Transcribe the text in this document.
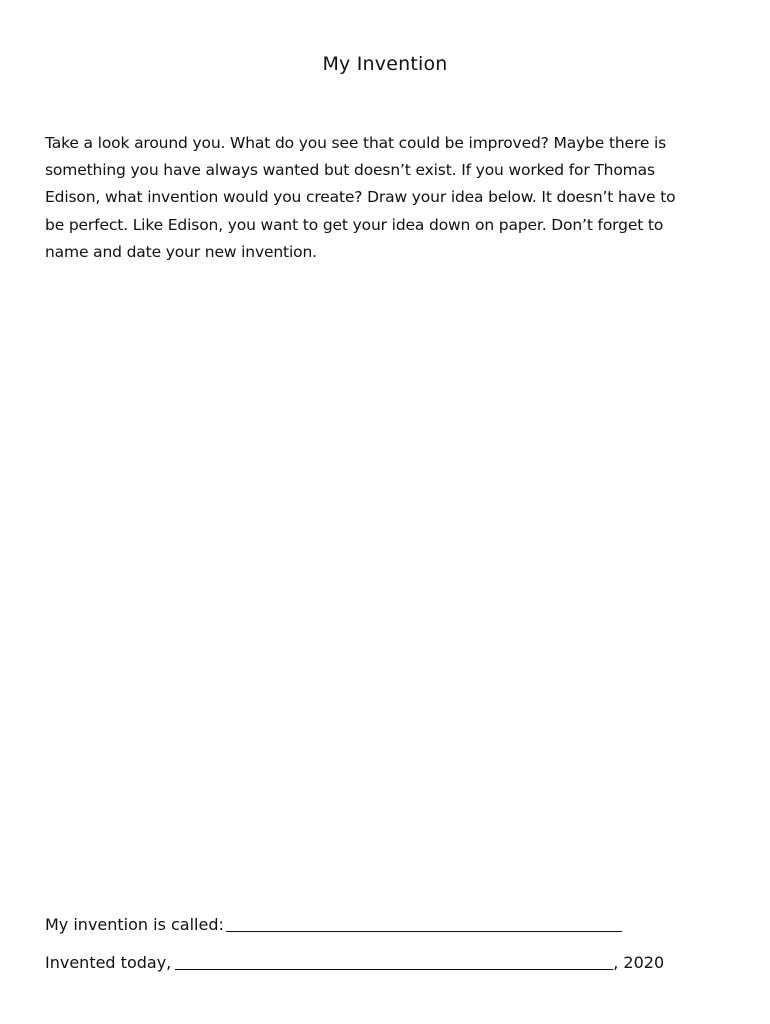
My Invention

Take a look around you. What do you see that could be improved? Maybe there is
something you have always wanted but doesn’t exist. If you worked for Thomas
Edison, what invention would you create? Draw your idea below. It doesn’t have to
be perfect. Like Edison, you want to get your idea down on paper. Don’t forget to
name and date your new invention.

My invention is called:
Invented today,	, 2020
